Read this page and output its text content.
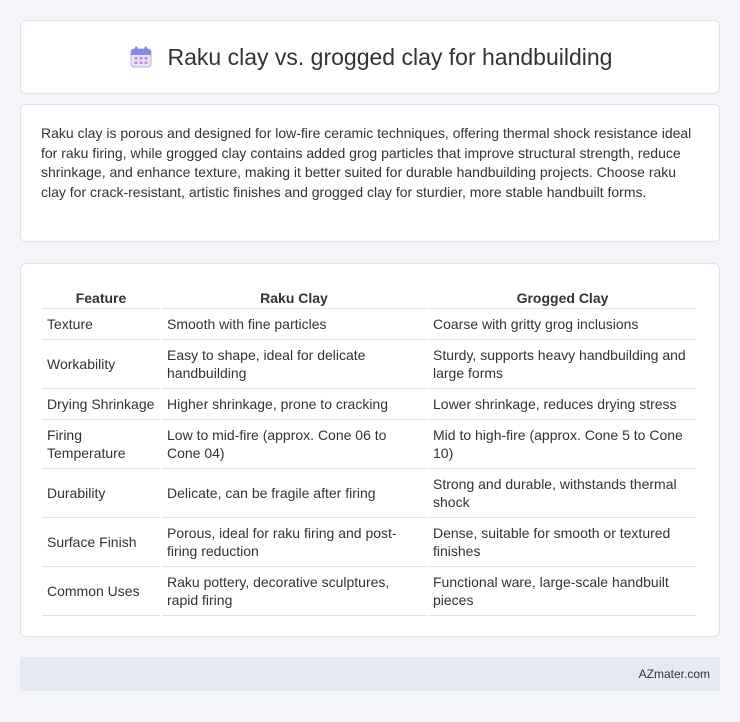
Raku clay vs. grogged clay for handbuilding

Raku clay is porous and designed for low-fire ceramic techniques, offering thermal shock resistance ideal for raku firing, while grogged clay contains added grog particles that improve structural strength, reduce shrinkage, and enhance texture, making it better suited for durable handbuilding projects. Choose raku clay for crack-resistant, artistic finishes and grogged clay for sturdier, more stable handbuilt forms.

Feature	Raku Clay	Grogged Clay
Texture	Smooth with fine particles	Coarse with gritty grog inclusions
Workability	Easy to shape, ideal for delicate handbuilding	Sturdy, supports heavy handbuilding and large forms
Drying Shrinkage	Higher shrinkage, prone to cracking	Lower shrinkage, reduces drying stress
Firing Temperature	Low to mid-fire (approx. Cone 06 to Cone 04)	Mid to high-fire (approx. Cone 5 to Cone 10)
Durability	Delicate, can be fragile after firing	Strong and durable, withstands thermal shock
Surface Finish	Porous, ideal for raku firing and post-firing reduction	Dense, suitable for smooth or textured finishes
Common Uses	Raku pottery, decorative sculptures, rapid firing	Functional ware, large-scale handbuilt pieces
AZmater.com
